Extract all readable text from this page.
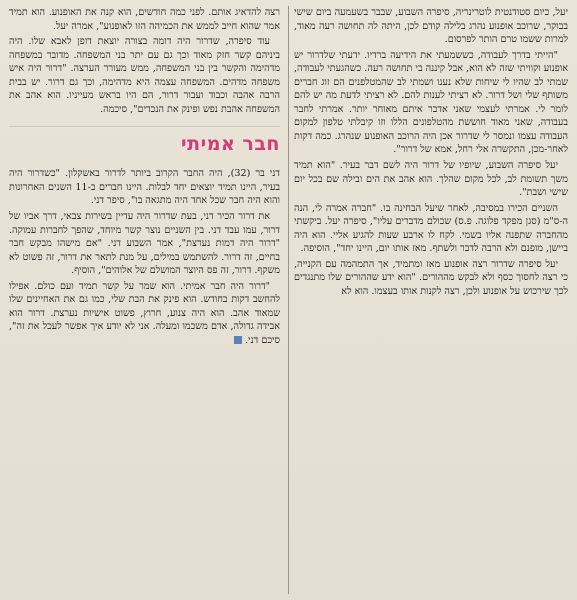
יעל, כיום סטודנטית לוטרינריה, סיפרה השבוע, שבבר בשעמעה ביום שישי בבוקר, שרוכב אופנוע נהרג בלילה קודם לכן, היתה לה תחושה רעה מאוד, למרות ששמו טרם הותר לפרסום.

"הייתי בדרך לעבודה, כששמעתי את הידיעה ברדיו. ידעתי שלדרור יש אופנוע וקוויתי שזה לא הוא, אבל קיננה בי תחושה רעה. כשהגעתי לעבודה, שמתי לב שהיו לי שיחות שלא נענו ושמתי לב שהמטלפנים הם זוג חברים משותף שלי ושל דרור. לא רציתי לענות להם. לא רציתי לדעת מה יש להם לומר לי. אמרתי לעצמי שאני אדבר איתם מאוחר יותר. אמרתי לחבר בעבודה, שאני מאוד חוששת מהטלפונים הללו וזו קיבלתי טלפון למקום העבודה עצמו ונמסר לי שדרור אכן היה הרוכב האופנוע שנהרג. כמה דקות לאחר-מכן, התקשרה אלי רחל, אמא של דרור".

יעל סיפרה השבוע, שיופיו של דרור היה לשם דבר בעיר. "הוא תמיד משך תשומת לב, לכל מקום שהלך. הוא אהב את הים ובילה שם בכל יום שישי ושבת".

השניים הכירו במסיבה, לאחר שיעל הבחינה בו. "חברה אמרה לי, הנה ה-ס"מ (סגן מפקד פלוגה. פ.ס) שכולם מדברים עליו", סיפרה יעל. ביקשתי מהחברה שתפנה אליו בשמי. לקח לו ארבע שעות להגיע אליי. הוא היה ביישן, מופנם ולא הרבה לדבר ולשתף. מאז אותו יום, היינו יחד", הוסיפה.

יעל סיפרה שדרור רצה אופנוע מאז ומתמיד, אך התמהמה עם הקנייה, כי רצה לחסוך כסף ולא לבקש מההורים. "הוא ידע שההורים שלו מתנגדים לכך שירכוש על אופנוע ולכן, רצה לקנות אותו בעצמו. הוא לא

רצה להדאיג אותם. לפני כמה חודשים, הוא קנה את האופנוע. הוא תמיד אמר שהוא חייב לממש את הכמיהה הזו לאופנוע", אמרה יעל.

עוד סיפרה, שדרור היה דומה בצורה יוצאת דופן לאבא שלו. היה ביניהם קשר חזק מאוד וכך גם עם יתר בני המשפחה. מדובר במשפחה מדהימה והקשר בין בני המשפחה, ממש מעורר הערצה. "דרור היה איש משפחה מדהים. המשפחה עצמה היא מדהימה, וכך גם דרור. יש בבית הרבה אהבה וכבוד ועבור דרור, הם היו בראש מעייניו. הוא אהב את המשפחה אהבת נפש ופינק את הנכדים", סיכמה.

חבר אמיתי

דני בר (32), היה החבר הקרוב ביותר לדרור באשקלון. "כשדרור היה בעיר, היינו תמיד יוצאים יחד לבלות. היינו חברים ב-11 השנים האחרונות והוא היה חבר שכל אחד היה מתגאה בו", סיפר דני.

את דרור הכיר דני, בעת שדרור היה עדיין בשירות צבאי, דרך אביו של דרור, עמו עבד דני. בין השניים נוצר קשר מיוחד, שהפך לחברות עמוקה. "דרור היה דמות נערצת", אמר השבוע דני. "אם מישהו מבקש חבר בחיים, זה דרור. להשתמש במילים, על מנת לתאר את דרור, זה פשוט לא משקף. דרור, זה פס היוצר המושלם של אלוהים", הוסיף.

"דרור היה חבר אמיתי. הוא שמר על קשר תמיד ועם כולם. אפילו להחשב דקות בחודש. הוא פינק את הבת שלי, כמו גם את האחיינים שלו שמאוד אהב. הוא היה צנוע, חרוץ, פשוט אישיות נערצת. דרור הוא אבידה גדולה, אדם משכמו ומעלה. אני לא יודע איך אפשר לעכל את זה", סיכם דני.
